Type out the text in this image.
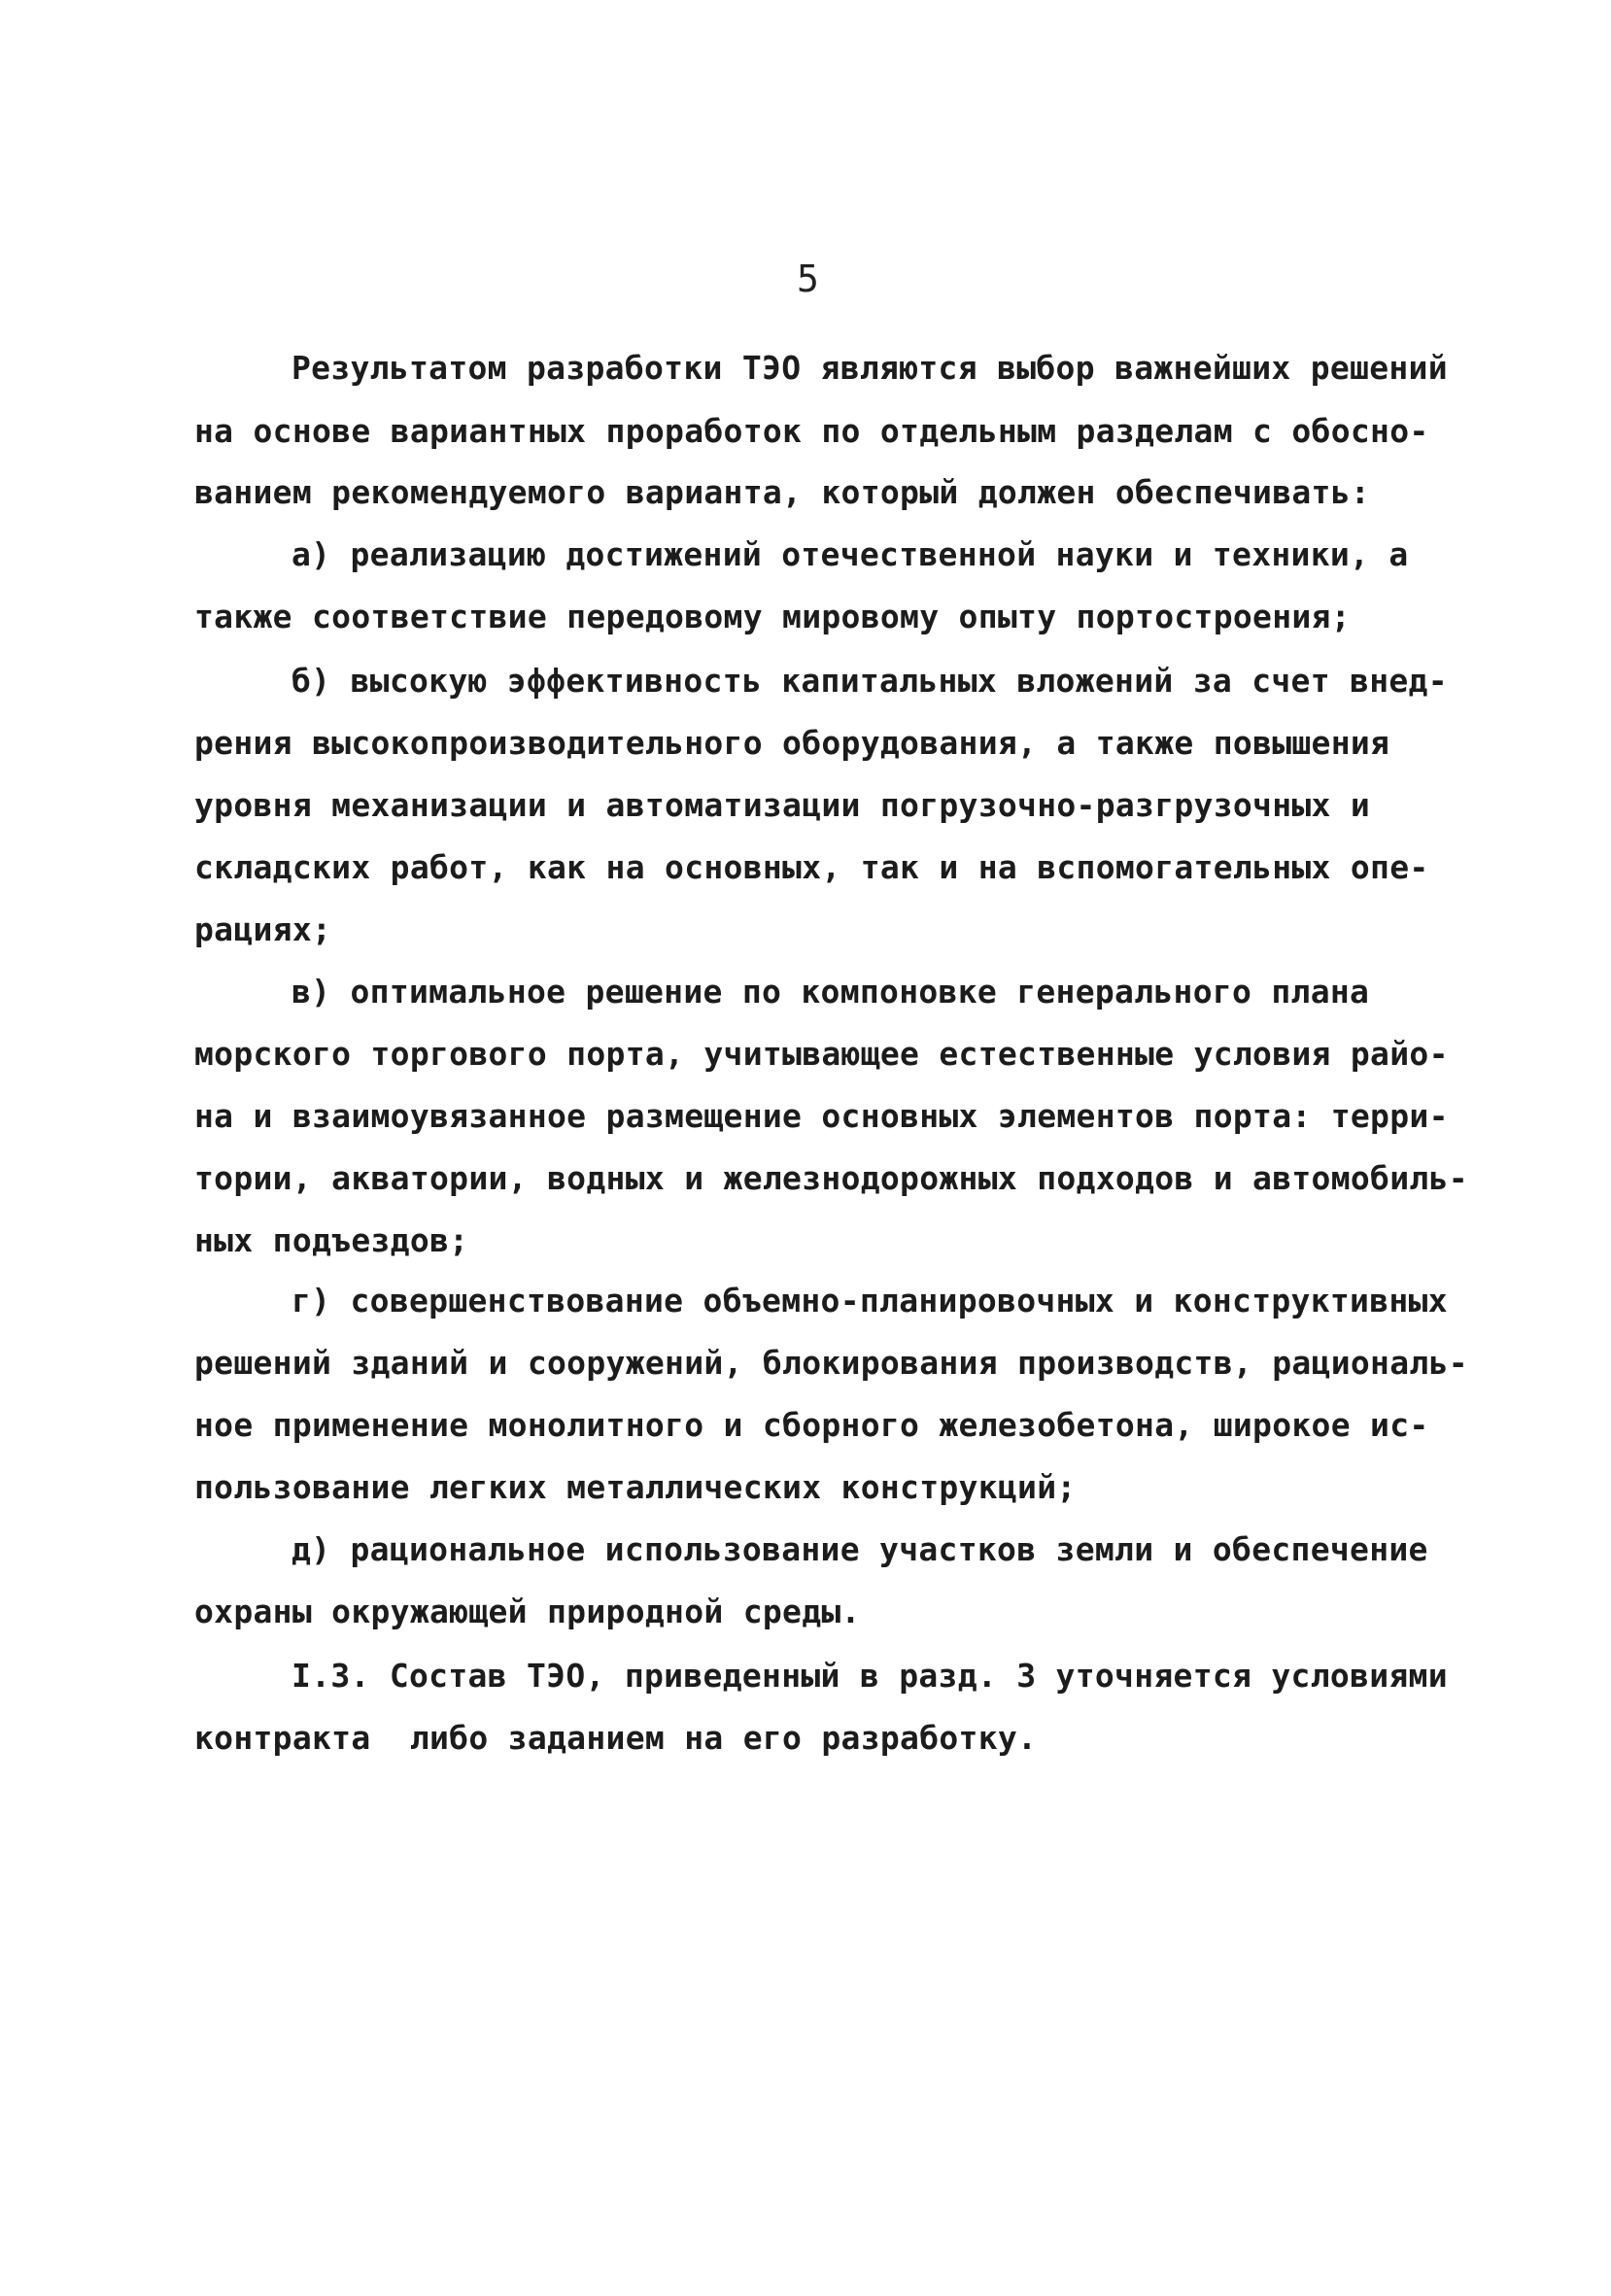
5
Результатом разработки ТЭО являются выбор важнейших решений
на основе вариантных проработок по отдельным разделам с обосно-
ванием рекомендуемого варианта, который должен обеспечивать:
а) реализацию достижений отечественной науки и техники, а
также соответствие передовому мировому опыту портостроения;
б) высокую эффективность капитальных вложений за счет внед-
рения высокопроизводительного оборудования, а также повышения
уровня механизации и автоматизации погрузочно-разгрузочных и
складских работ, как на основных, так и на вспомогательных опе-
рациях;
в) оптимальное решение по компоновке генерального плана
морского торгового порта, учитывающее естественные условия райо-
на и взаимоувязанное размещение основных элементов порта: терри-
тории, акватории, водных и железнодорожных подходов и автомобиль-
ных подъездов;
г) совершенствование объемно-планировочных и конструктивных
решений зданий и сооружений, блокирования производств, рациональ-
ное применение монолитного и сборного железобетона, широкое ис-
пользование легких металлических конструкций;
д) рациональное использование участков земли и обеспечение
охраны окружающей природной среды.
I.3. Состав ТЭО, приведенный в разд. 3 уточняется условиями
контракта  либо заданием на его разработку.
